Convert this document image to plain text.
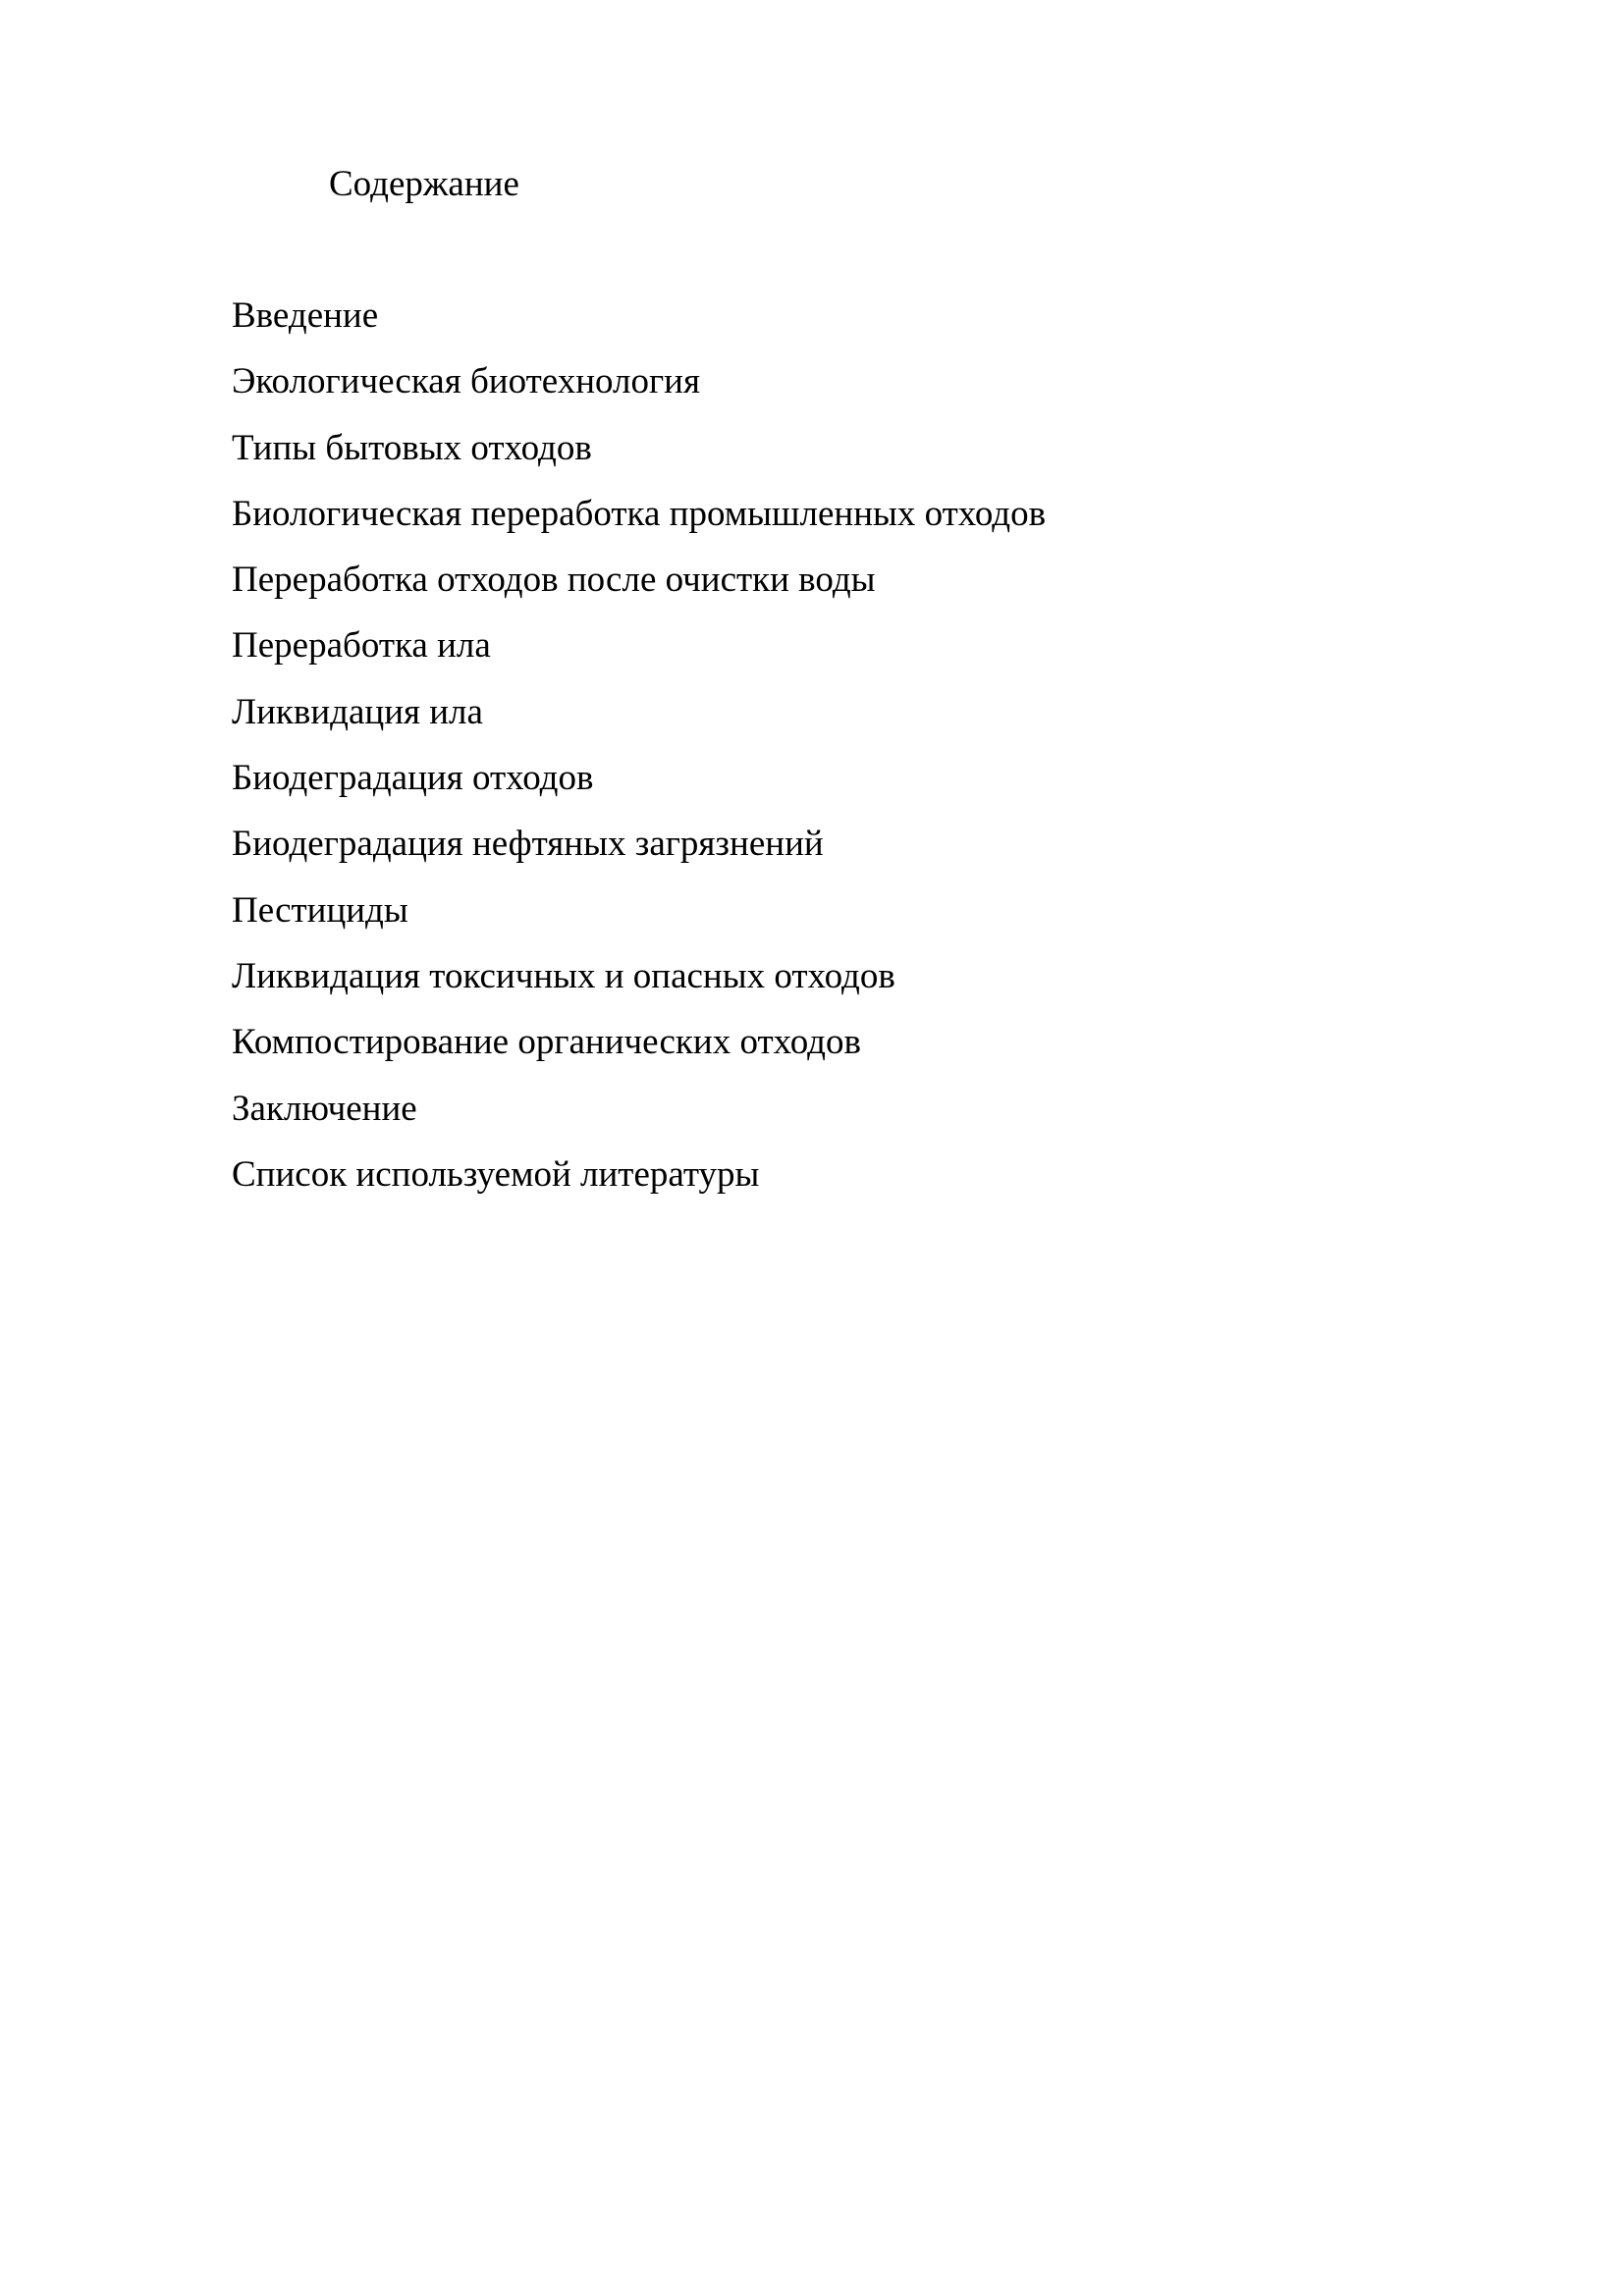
Содержание
Введение
Экологическая биотехнология
Типы бытовых отходов
Биологическая переработка промышленных отходов
Переработка отходов после очистки воды
Переработка ила
Ликвидация ила
Биодеградация отходов
Биодеградация нефтяных загрязнений
Пестициды
Ликвидация токсичных и опасных отходов
Компостирование органических отходов
Заключение
Список используемой литературы
